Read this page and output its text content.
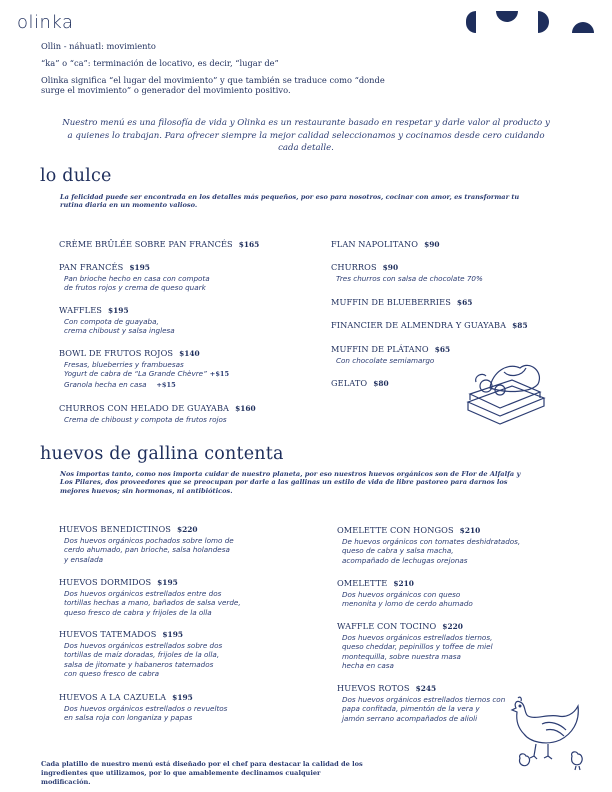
olinka
Ollin - náhuatl: movimiento
“ka” o “ca”: terminación de locativo, es decir, “lugar de”
Olinka significa “el lugar del movimiento” y que también se traduce como “donde
surge el movimiento” o generador del movimiento positivo.
Nuestro menú es una filosofía de vida y Olinka es un restaurante basado en respetar y darle valor al producto y a quienes lo trabajan. Para ofrecer siempre la mejor calidad seleccionamos y cocinamos desde cero cuidando cada detalle.
lo dulce
La felicidad puede ser encontrada en los detalles más pequeños, por eso para nosotros, cocinar con amor, es transformar tu rutina diaria en un momento valioso.
CRÈME BRÛLÉE SOBRE PAN FRANCÉS $165
PAN FRANCÉS $195
Pan brioche hecho en casa con compota
de frutos rojos y crema de queso quark
WAFFLES $195
Con compota de guayaba,
crema chiboust y salsa inglesa
BOWL DE FRUTOS ROJOS $140
Fresas, blueberries y frambuesas
Yogurt de cabra de “La Grande Chèvre” +$15
Granola hecha en casa +$15
CHURROS CON HELADO DE GUAYABA $160
Crema de chiboust y compota de frutos rojos
FLAN NAPOLITANO $90
CHURROS $90
Tres churros con salsa de chocolate 70%
MUFFIN DE BLUEBERRIES $65
FINANCIER DE ALMENDRA Y GUAYABA $85
MUFFIN DE PLÁTANO $65
Con chocolate semiamargo
GELATO $80
huevos de gallina contenta
Nos importas tanto, como nos importa cuidar de nuestro planeta, por eso nuestros huevos orgánicos son de Flor de Alfalfa y Los Pilares, dos proveedores que se preocupan por darle a las gallinas un estilo de vida de libre pastoreo para darnos los mejores huevos; sin hormonas, ni antibióticos.
HUEVOS BENEDICTINOS $220
Dos huevos orgánicos pochados sobre lomo de
cerdo ahumado, pan brioche, salsa holandesa
y ensalada
HUEVOS DORMIDOS $195
Dos huevos orgánicos estrellados entre dos
tortillas hechas a mano, bañados de salsa verde,
queso fresco de cabra y frijoles de la olla
HUEVOS TATEMADOS $195
Dos huevos orgánicos estrellados sobre dos
tortillas de maíz doradas, frijoles de la olla,
salsa de jitomate y habaneros tatemados
con queso fresco de cabra
HUEVOS A LA CAZUELA $195
Dos huevos orgánicos estrellados o revueltos
en salsa roja con longaniza y papas
OMELETTE CON HONGOS $210
De huevos orgánicos con tomates deshidratados,
queso de cabra y salsa macha,
acompañado de lechugas orejonas
OMELETTE $210
Dos huevos orgánicos con queso
menonita y lomo de cerdo ahumado
WAFFLE CON TOCINO $220
Dos huevos orgánicos estrellados tiernos,
queso cheddar, pepinillos y toffee de miel
montequilla, sobre nuestra masa
hecha en casa
HUEVOS ROTOS $245
Dos huevos orgánicos estrellados tiernos con
papa confitada, pimentón de la vera y
jamón serrano acompañados de alioli
Cada platillo de nuestro menú está diseñado por el chef para destacar la calidad de los ingredientes que utilizamos, por lo que amablemente declinamos cualquier modificación.
